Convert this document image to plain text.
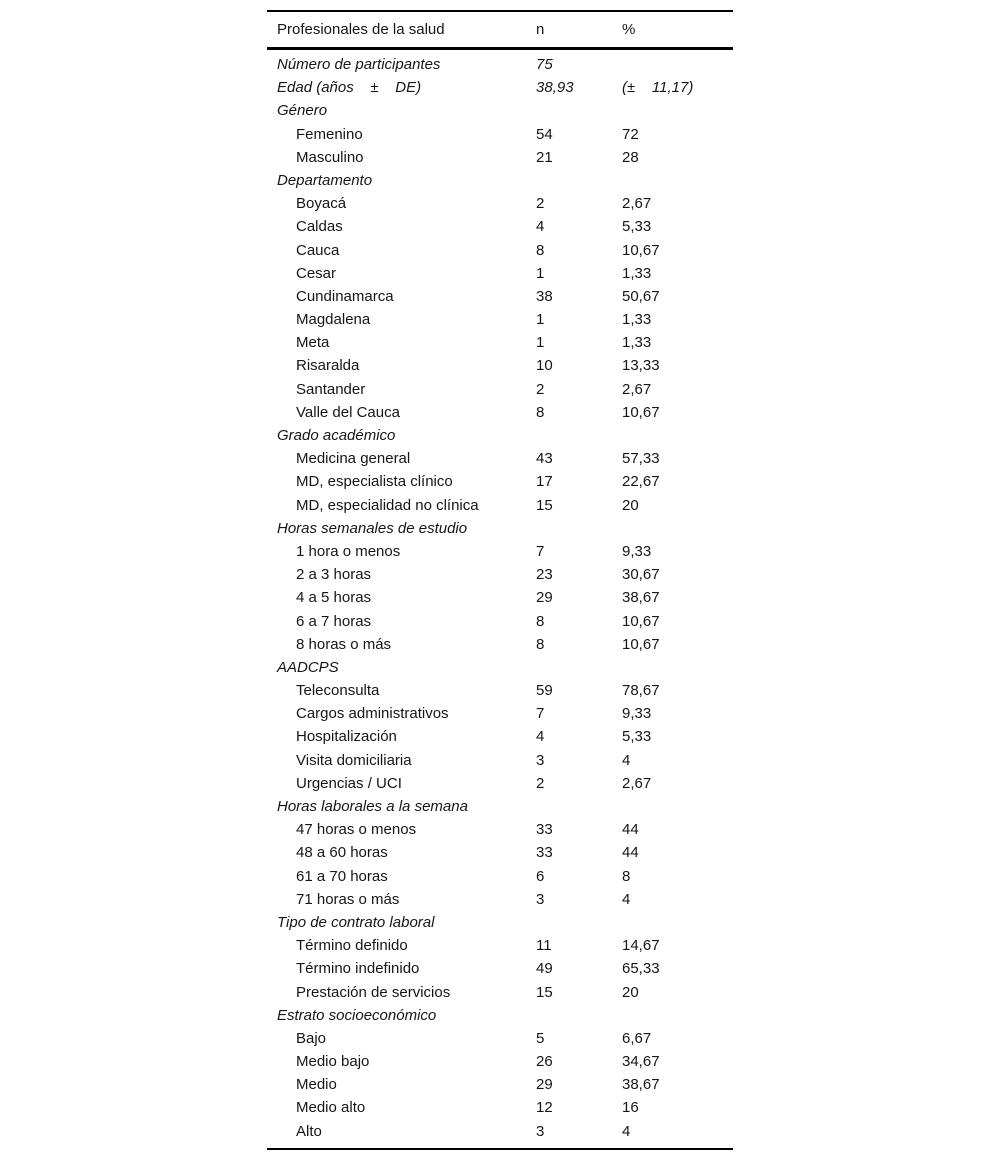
Profesionales de la salud	n	%
Número de participantes	75
Edad (años    ±    DE)	38,93	(±    11,17)
Género
Femenino	54	72
Masculino	21	28
Departamento
Boyacá	2	2,67
Caldas	4	5,33
Cauca	8	10,67
Cesar	1	1,33
Cundinamarca	38	50,67
Magdalena	1	1,33
Meta	1	1,33
Risaralda	10	13,33
Santander	2	2,67
Valle del Cauca	8	10,67
Grado académico
Medicina general	43	57,33
MD, especialista clínico	17	22,67
MD, especialidad no clínica	15	20
Horas semanales de estudio
1 hora o menos	7	9,33
2 a 3 horas	23	30,67
4 a 5 horas	29	38,67
6 a 7 horas	8	10,67
8 horas o más	8	10,67
AADCPS
Teleconsulta	59	78,67
Cargos administrativos	7	9,33
Hospitalización	4	5,33
Visita domiciliaria	3	4
Urgencias / UCI	2	2,67
Horas laborales a la semana
47 horas o menos	33	44
48 a 60 horas	33	44
61 a 70 horas	6	8
71 horas o más	3	4
Tipo de contrato laboral
Término definido	11	14,67
Término indefinido	49	65,33
Prestación de servicios	15	20
Estrato socioeconómico
Bajo	5	6,67
Medio bajo	26	34,67
Medio	29	38,67
Medio alto	12	16
Alto	3	4
